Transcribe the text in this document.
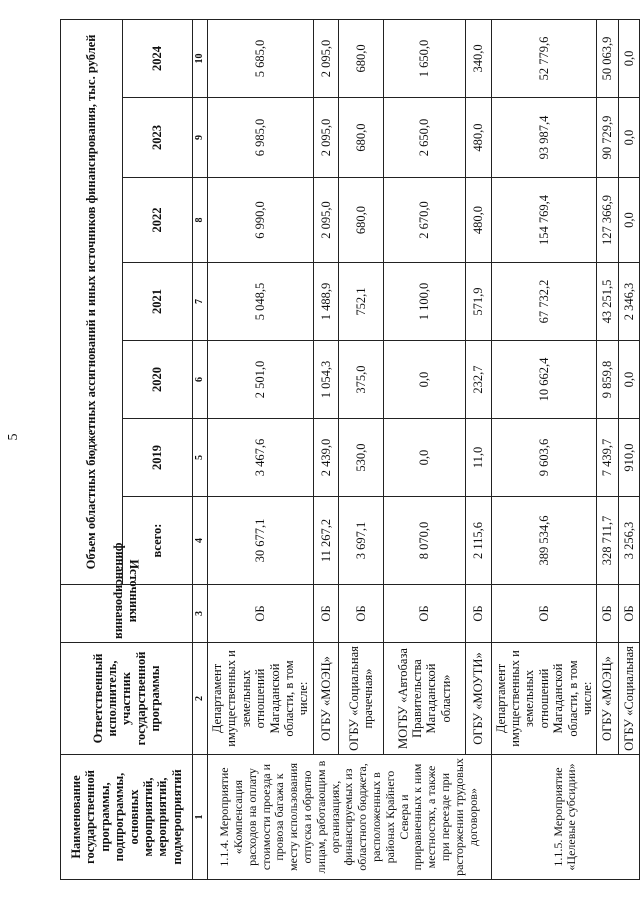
5
Наименование государственной программы, подпрограммы, основных мероприятий, мероприятий, подмероприятий	Ответственный исполнитель, участник государственной программы	Источники финансирования	Объем областных бюджетных ассигнований и иных источников финансирования, тыс. рублей						
			всего:	2019	2020	2021	2022	2023	2024
1	2	3	4	5	6	7	8	9	10
1.1.4. Мероприятие «Компенсация расходов на оплату стоимости проезда и провоза багажа к месту использования отпуска и обратно лицам, работающим в организациях, финансируемых из областного бюджета, расположенных в районах Крайнего Севера и приравненных к ним местностях, а также при переезде при расторжении трудовых договоров»	Департамент имущественных и земельных отношений Магаданской области, в том числе:	ОБ	30 677,1	3 467,6	2 501,0	5 048,5	6 990,0	6 985,0	5 685,0
	ОГБУ «МОЭЦ»	ОБ	11 267,2	2 439,0	1 054,3	1 488,9	2 095,0	2 095,0	2 095,0
	ОГБУ «Социальная прачечная»	ОБ	3 697,1	530,0	375,0	752,1	680,0	680,0	680,0
	МОГБУ «Автобаза Правительства Магаданской области»	ОБ	8 070,0	0,0	0,0	1 100,0	2 670,0	2 650,0	1 650,0
	ОГБУ «МОУТИ»	ОБ	2 115,6	11,0	232,7	571,9	480,0	480,0	340,0
1.1.5. Мероприятие «Целевые субсидии»	Департамент имущественных и земельных отношений Магаданской области, в том числе:	ОБ	389 534,6	9 603,6	10 662,4	67 732,2	154 769,4	93 987,4	52 779,6
	ОГБУ «МОЭЦ»	ОБ	328 711,7	7 439,7	9 859,8	43 251,5	127 366,9	90 729,9	50 063,9
	ОГБУ «Социальная	ОБ	3 256,3	910,0	0,0	2 346,3	0,0	0,0	0,0
